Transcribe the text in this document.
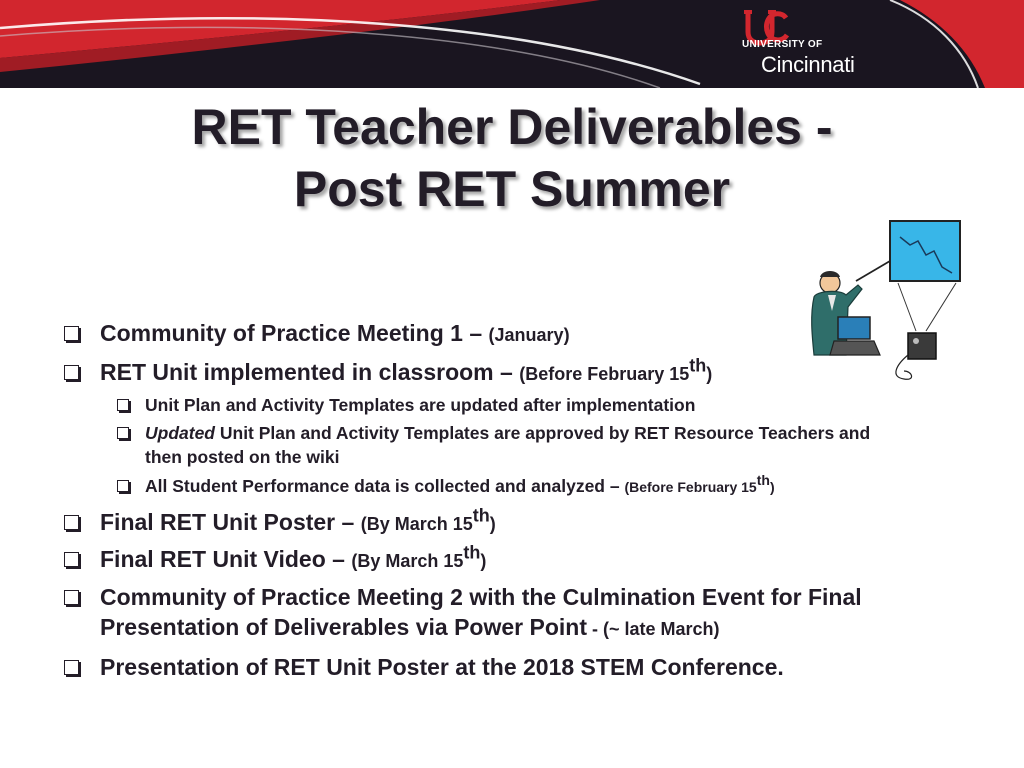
UNIVERSITY OF
Cincinnati
RET Teacher Deliverables -
Post RET Summer
Community of Practice Meeting 1 – (January)
RET Unit implemented in classroom – (Before February 15th)
Unit Plan and Activity Templates are updated after implementation
Updated Unit Plan and Activity Templates are approved by RET Resource Teachers and
then posted on the wiki
All Student Performance data is collected and analyzed – (Before February 15th)
Final RET Unit Poster – (By March 15th)
Final RET Unit Video – (By March 15th)
Community of Practice Meeting 2 with the Culmination Event for Final
Presentation of Deliverables via Power Point - (~ late March)
Presentation of RET Unit Poster at the 2018 STEM Conference.
